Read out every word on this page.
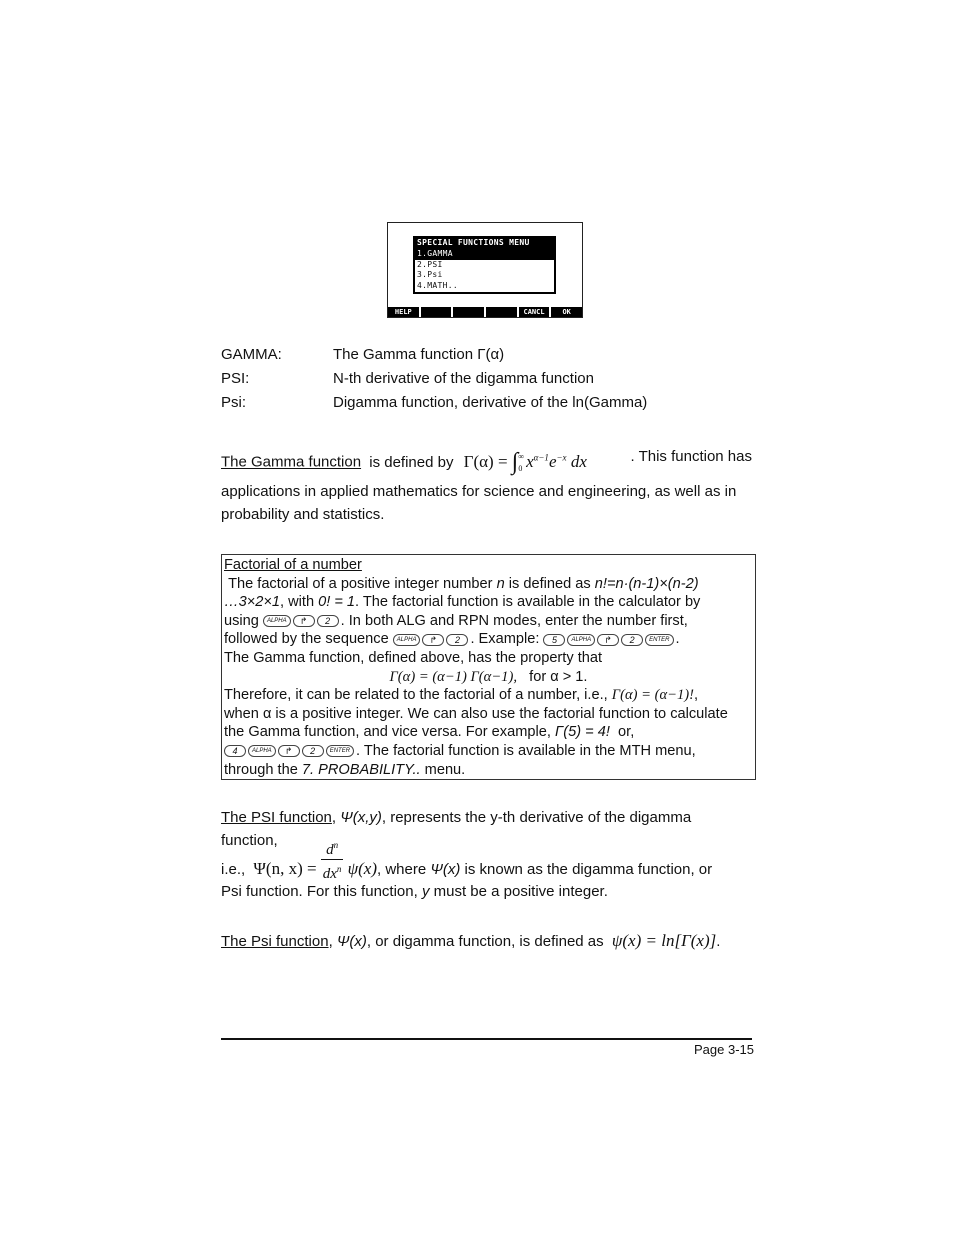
SPECIAL FUNCTIONS MENU
1.GAMMA
2.PSI
3.Psi
4.MATH..
HELP	CANCL	OK
GAMMA:	The Gamma function Γ(α)
PSI:	N-th derivative of the digamma function
Psi:	Digamma function, derivative of the ln(Gamma)
The Gamma function is defined by Γ(α) = ∫ ∞
0 $x^{\alpha-1}e^{-x}$ dx	. This function has
applications in applied mathematics for science and engineering, as well as in
probability and statistics.
Factorial of a number
The factorial of a positive integer number n is defined as n!=n·(n-1)×(n-2)
…3×2×1, with 0! = 1. The factorial function is available in the calculator by
using ALPHA ↱ 2 . In both ALG and RPN modes, enter the number first,
followed by the sequence ALPHA ↱ 2 . Example: 5 ALPHA ↱ 2 ENTER .
The Gamma function, defined above, has the property that
Γ(α) = (α−1) Γ(α−1), for α > 1.
Therefore, it can be related to the factorial of a number, i.e., Γ(α) = (α−1)!,
when α is a positive integer. We can also use the factorial function to calculate
the Gamma function, and vice versa. For example, Γ(5) = 4! or,
4 ALPHA ↱ 2 ENTER . The factorial function is available in the MTH menu,
through the 7. PROBABILITY.. menu.
The PSI function, Ψ(x,y), represents the y-th derivative of the digamma function,
i.e., Ψ(n, $x) = \frac{d^n}{dx^n} \psi(x)$, where Ψ(x) is known as the digamma function, or
Psi function. For this function, y must be a positive integer.
The Psi function, Ψ(x), or digamma function, is defined as ψ(x) = ln[Γ(x)].
Page 3-15
